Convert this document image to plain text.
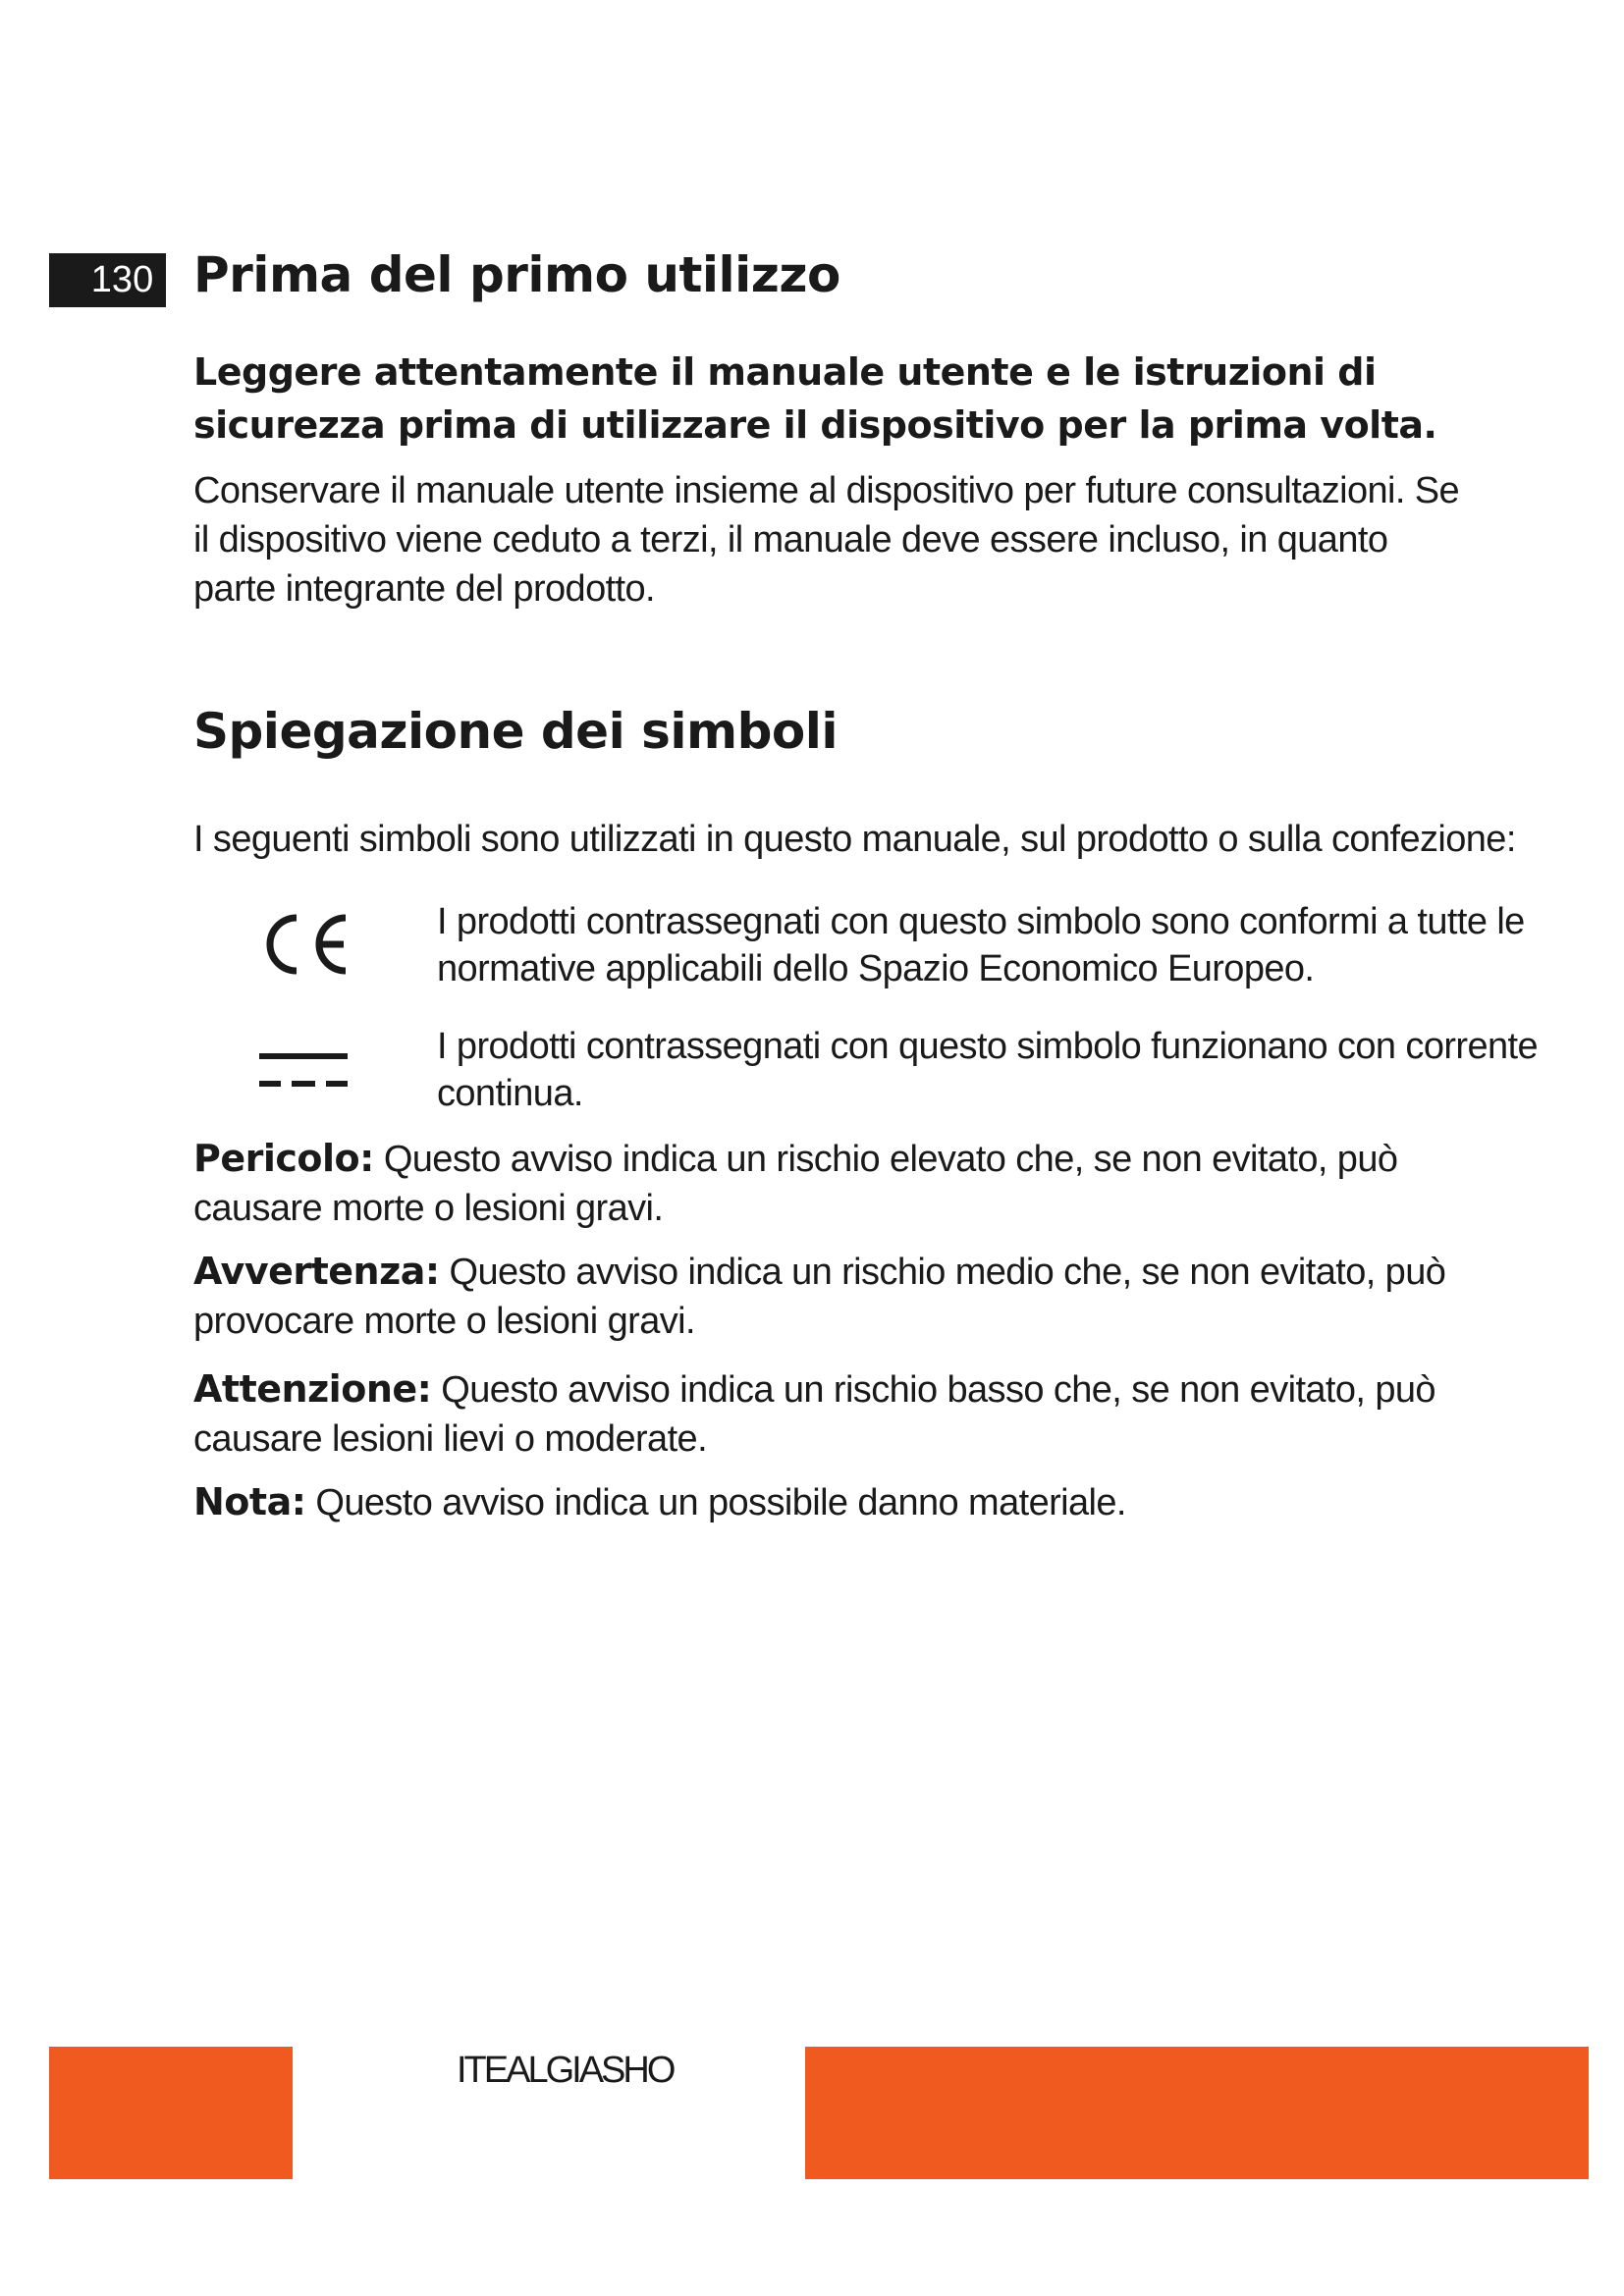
130 Prima del primo utilizzo

Leggere attentamente il manuale utente e le istruzioni di sicurezza prima di utilizzare il dispositivo per la prima volta.

Conservare il manuale utente insieme al dispositivo per future consultazioni. Se il dispositivo viene ceduto a terzi, il manuale deve essere incluso, in quanto parte integrante del prodotto.

Spiegazione dei simboli

I seguenti simboli sono utilizzati in questo manuale, sul prodotto o sulla confezione:

I prodotti contrassegnati con questo simbolo sono conformi a tutte le normative applicabili dello Spazio Economico Europeo.

I prodotti contrassegnati con questo simbolo funzionano con corrente continua.

Pericolo: Questo avviso indica un rischio elevato che, se non evitato, può causare morte o lesioni gravi.

Avvertenza: Questo avviso indica un rischio medio che, se non evitato, può provocare morte o lesioni gravi.

Attenzione: Questo avviso indica un rischio basso che, se non evitato, può causare lesioni lievi o moderate.

Nota: Questo avviso indica un possibile danno materiale.

ITEALGIASHO
